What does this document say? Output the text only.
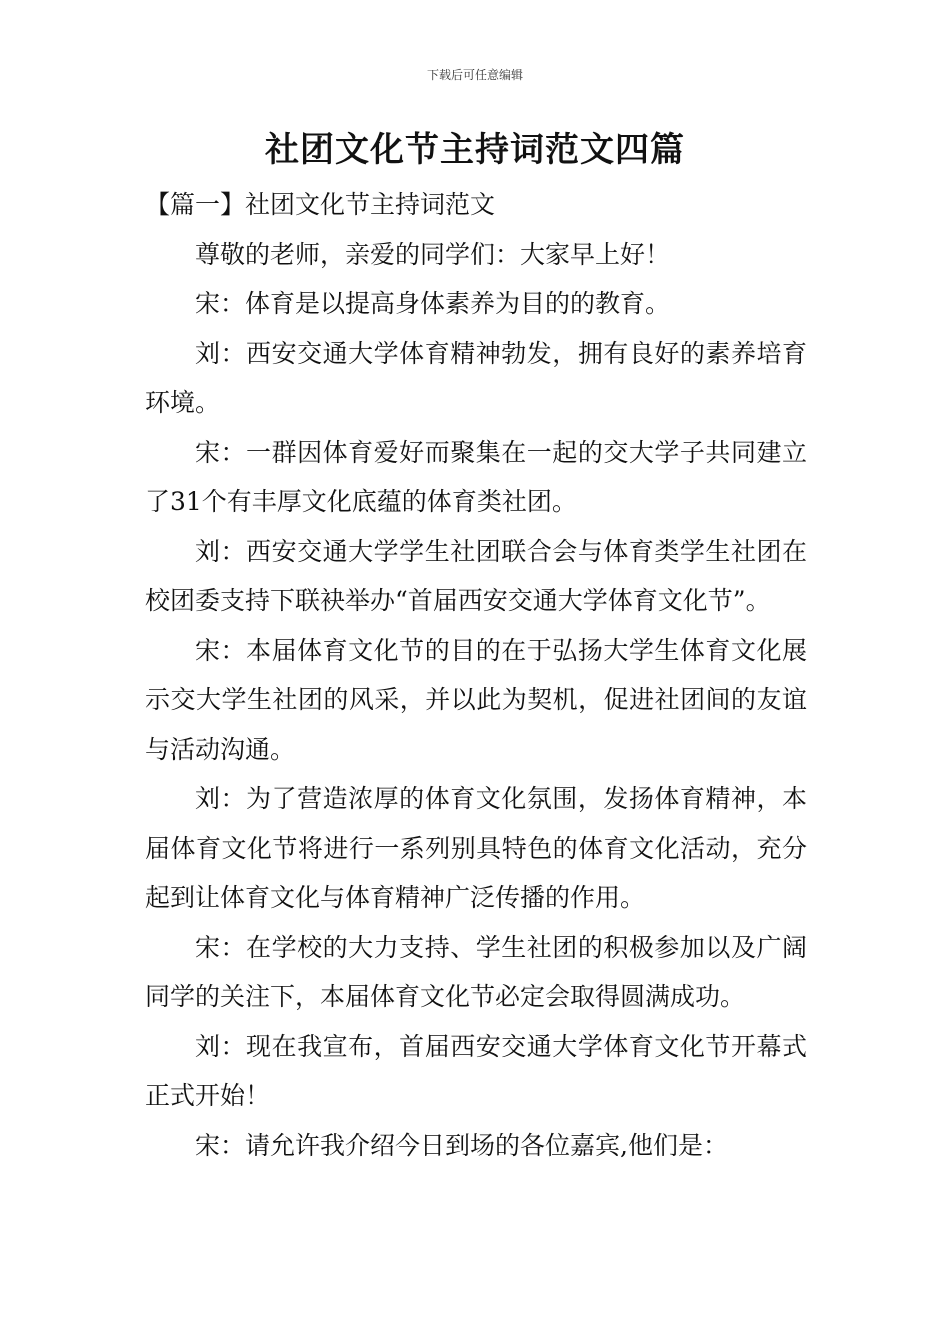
下载后可任意编辑
社团文化节主持词范文四篇

【篇一】社团文化节主持词范文

尊敬的老师，亲爱的同学们：大家早上好！

宋：体育是以提高身体素养为目的的教育。

刘：西安交通大学体育精神勃发，拥有良好的素养培育环境。

宋：一群因体育爱好而聚集在一起的交大学子共同建立了31个有丰厚文化底蕴的体育类社团。

刘：西安交通大学学生社团联合会与体育类学生社团在校团委支持下联袂举办“首届西安交通大学体育文化节”。

宋：本届体育文化节的目的在于弘扬大学生体育文化展示交大学生社团的风采，并以此为契机，促进社团间的友谊与活动沟通。

刘：为了营造浓厚的体育文化氛围，发扬体育精神，本届体育文化节将进行一系列别具特色的体育文化活动，充分起到让体育文化与体育精神广泛传播的作用。

宋：在学校的大力支持、学生社团的积极参加以及广阔同学的关注下，本届体育文化节必定会取得圆满成功。

刘：现在我宣布，首届西安交通大学体育文化节开幕式正式开始！

宋：请允许我介绍今日到场的各位嘉宾,他们是：
